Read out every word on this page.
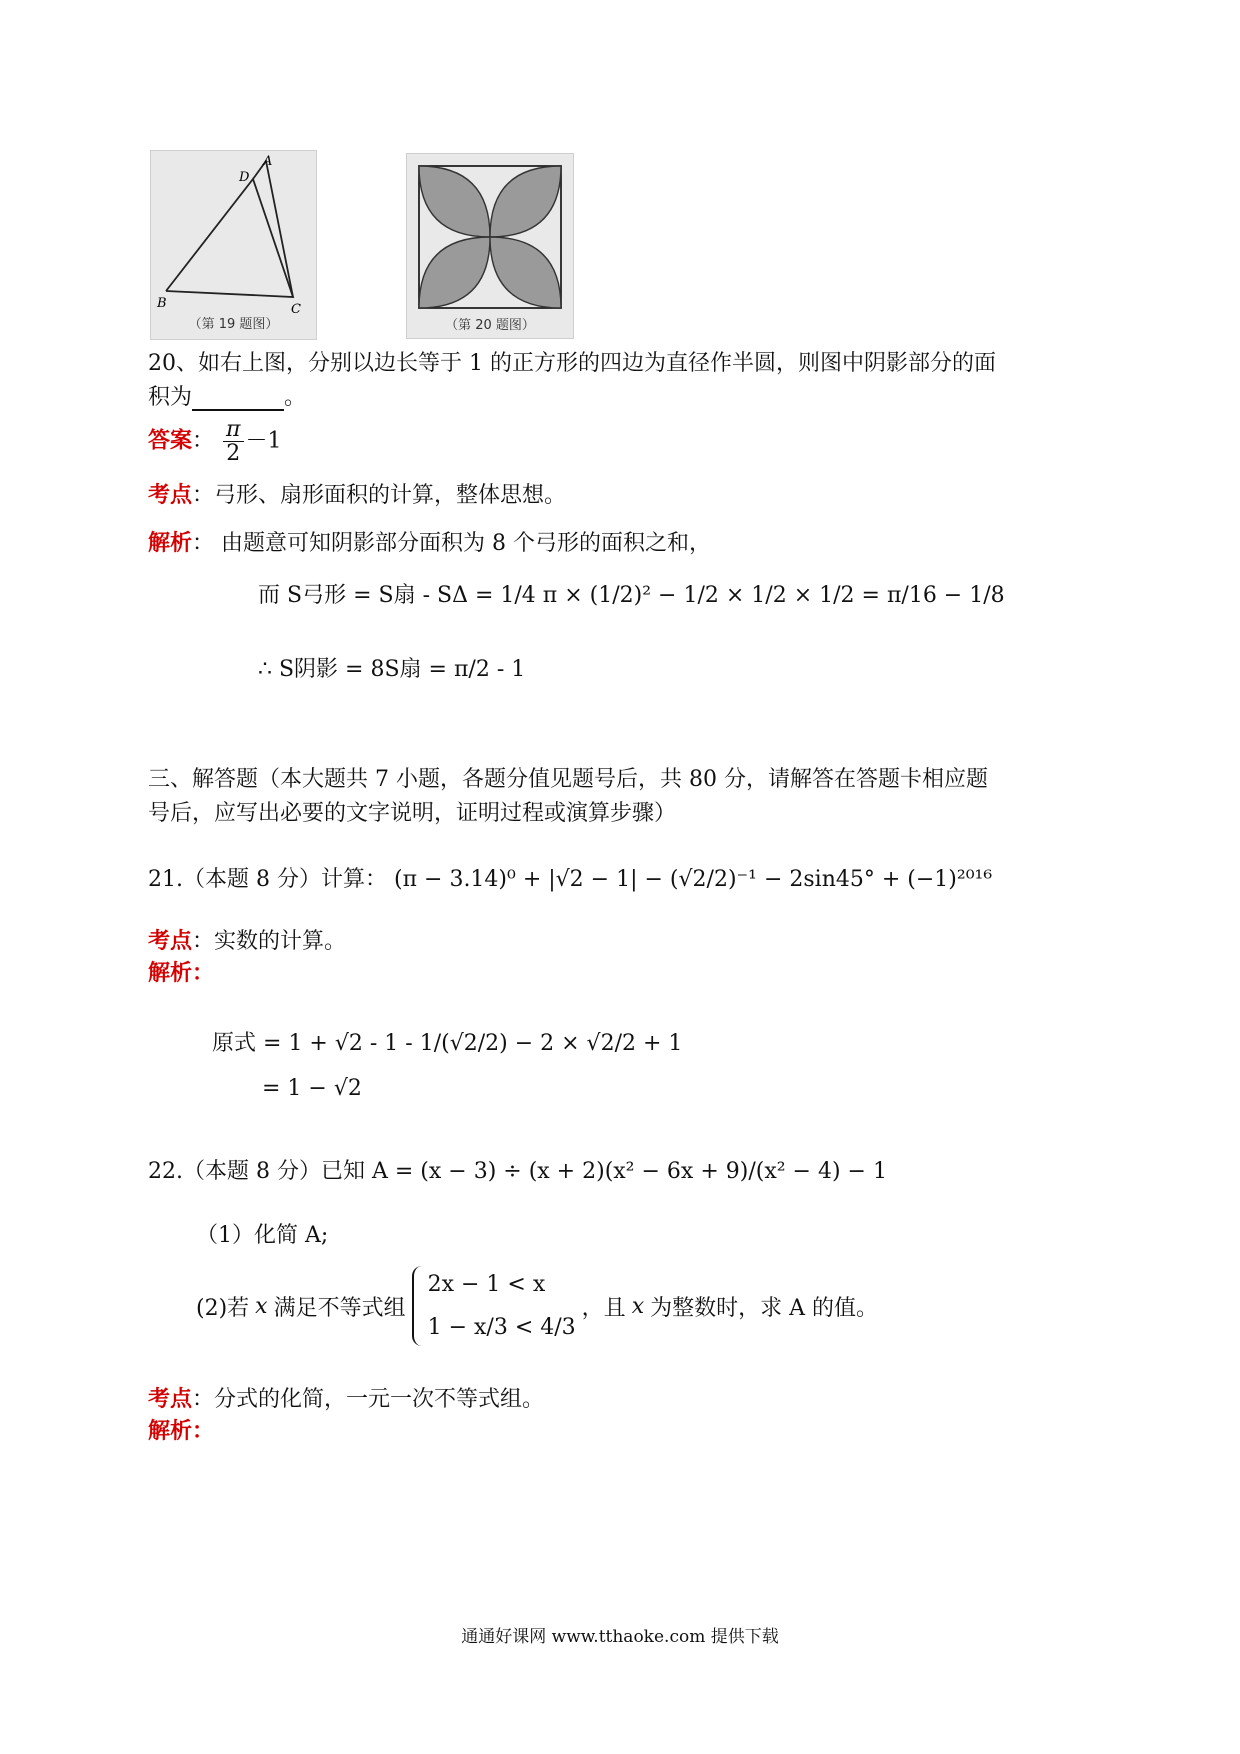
A
D
B	C
（第 19 题图）	（第 20 题图）
20、如右上图，分别以边长等于 1 的正方形的四边为直径作半圆，则图中阴影部分的面
积为	。
答案： $\frac{\pi}{2} -1$
考点：弓形、扇形面积的计算，整体思想。
解析： 由题意可知阴影部分面积为 8 个弓形的面积之和，
而 S弓形 = S扇 - SΔ = 1/4 π × (1/2)² − 1/2 × 1/2 × 1/2 = π/16 − 1/8
∴ S阴影 = 8S扇 = π/2 - 1
三、解答题（本大题共 7 小题，各题分值见题号后，共 80 分，请解答在答题卡相应题
号后，应写出必要的文字说明，证明过程或演算步骤）
21.（本题 8 分）计算： (π − 3.14)⁰ + |√2 − 1| − (√2/2)⁻¹ − 2sin45° + (−1)²⁰¹⁶
考点：实数的计算。
解析：
原式 = 1 + √2 - 1 - 1/(√2/2) − 2 × √2/2 + 1
= 1 − √2
22.（本题 8 分）已知 A = (x − 3) ÷ (x + 2)(x² − 6x + 9)/(x² − 4) − 1
（1）化简 A;
(2)若 x 满足不等式组
2x − 1 < x
1 − x/3 < 4/3
，且 x 为整数时，求 A 的值。
考点：分式的化简，一元一次不等式组。
解析：
通通好课网 www.tthaoke.com 提供下载
